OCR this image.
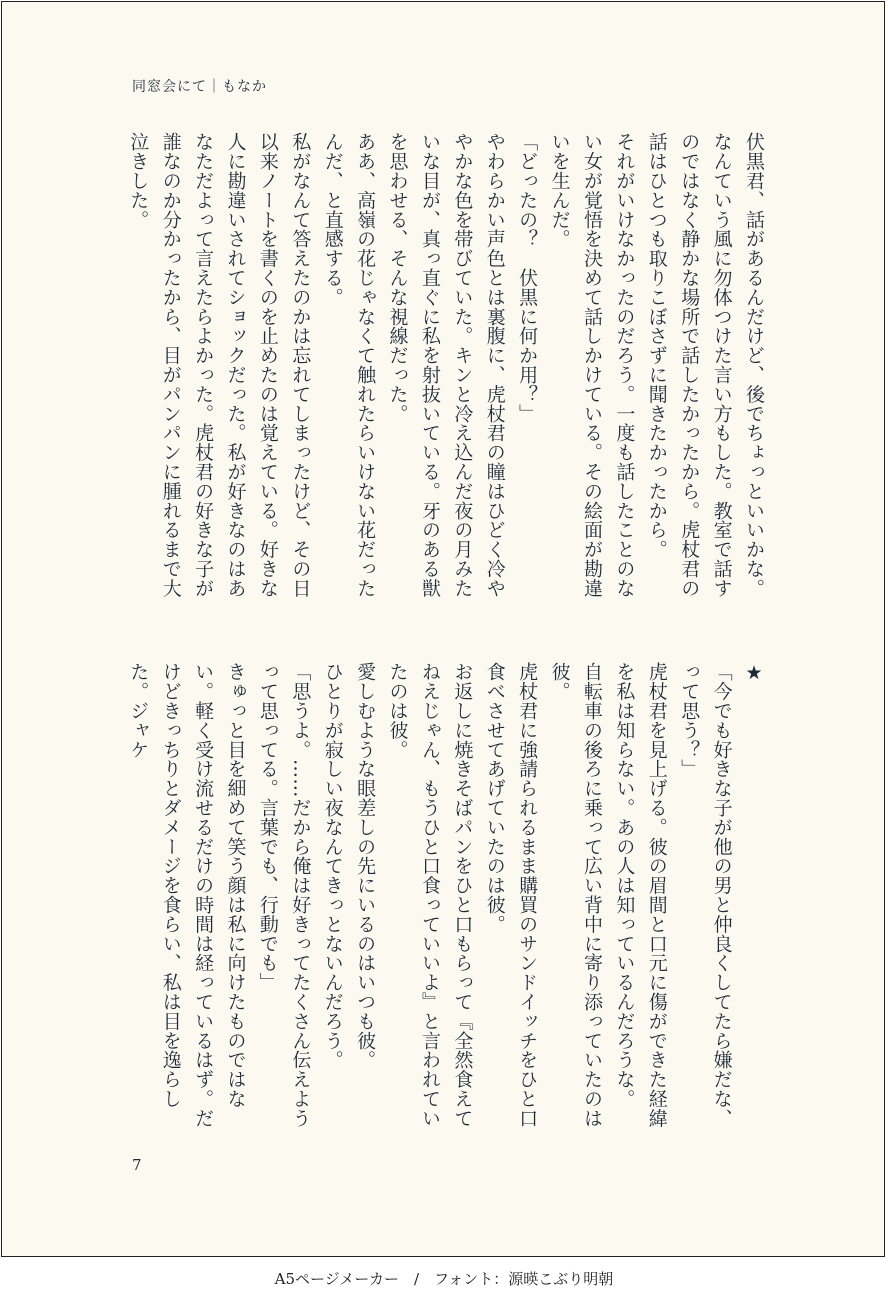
同窓会にて｜もなか

伏黒君、話があるんだけど、後でちょっといいかな。

なんていう風に勿体つけた言い方もした。教室で話すのではなく静かな場所で話したかったから。虎杖君の話はひとつも取りこぼさずに聞きたかったから。

それがいけなかったのだろう。一度も話したことのない女が覚悟を決めて話しかけている。その絵面が勘違いを生んだ。

「どったの？　伏黒に何か用？」

やわらかい声色とは裏腹に、虎杖君の瞳はひどく冷ややかな色を帯びていた。キンと冷え込んだ夜の月みたいな目が、真っ直ぐに私を射抜いている。牙のある獣を思わせる、そんな視線だった。

ああ、高嶺の花じゃなくて触れたらいけない花だったんだ、と直感する。

私がなんて答えたのかは忘れてしまったけど、その日以来ノートを書くのを止めたのは覚えている。好きな人に勘違いされてショックだった。私が好きなのはあなただよって言えたらよかった。虎杖君の好きな子が誰なのか分かったから、目がパンパンに腫れるまで大泣きした。

★

「今でも好きな子が他の男と仲良くしてたら嫌だな、って思う？」

虎杖君を見上げる。彼の眉間と口元に傷ができた経緯を私は知らない。あの人は知っているんだろうな。

自転車の後ろに乗って広い背中に寄り添っていたのは彼。

虎杖君に強請られるまま購買のサンドイッチをひと口食べさせてあげていたのは彼。

お返しに焼きそばパンをひと口もらって『全然食えてねえじゃん、もうひと口食っていいよ』と言われていたのは彼。

愛しむような眼差しの先にいるのはいつも彼。

ひとりが寂しい夜なんてきっとないんだろう。

「思うよ。……だから俺は好きってたくさん伝えようって思ってる。言葉でも、行動でも」

きゅっと目を細めて笑う顔は私に向けたものではない。軽く受け流せるだけの時間は経っているはず。だけどきっちりとダメージを食らい、私は目を逸らした。ジャケ

7
A5ページメーカー　/　フォント：源暎こぶり明朝
